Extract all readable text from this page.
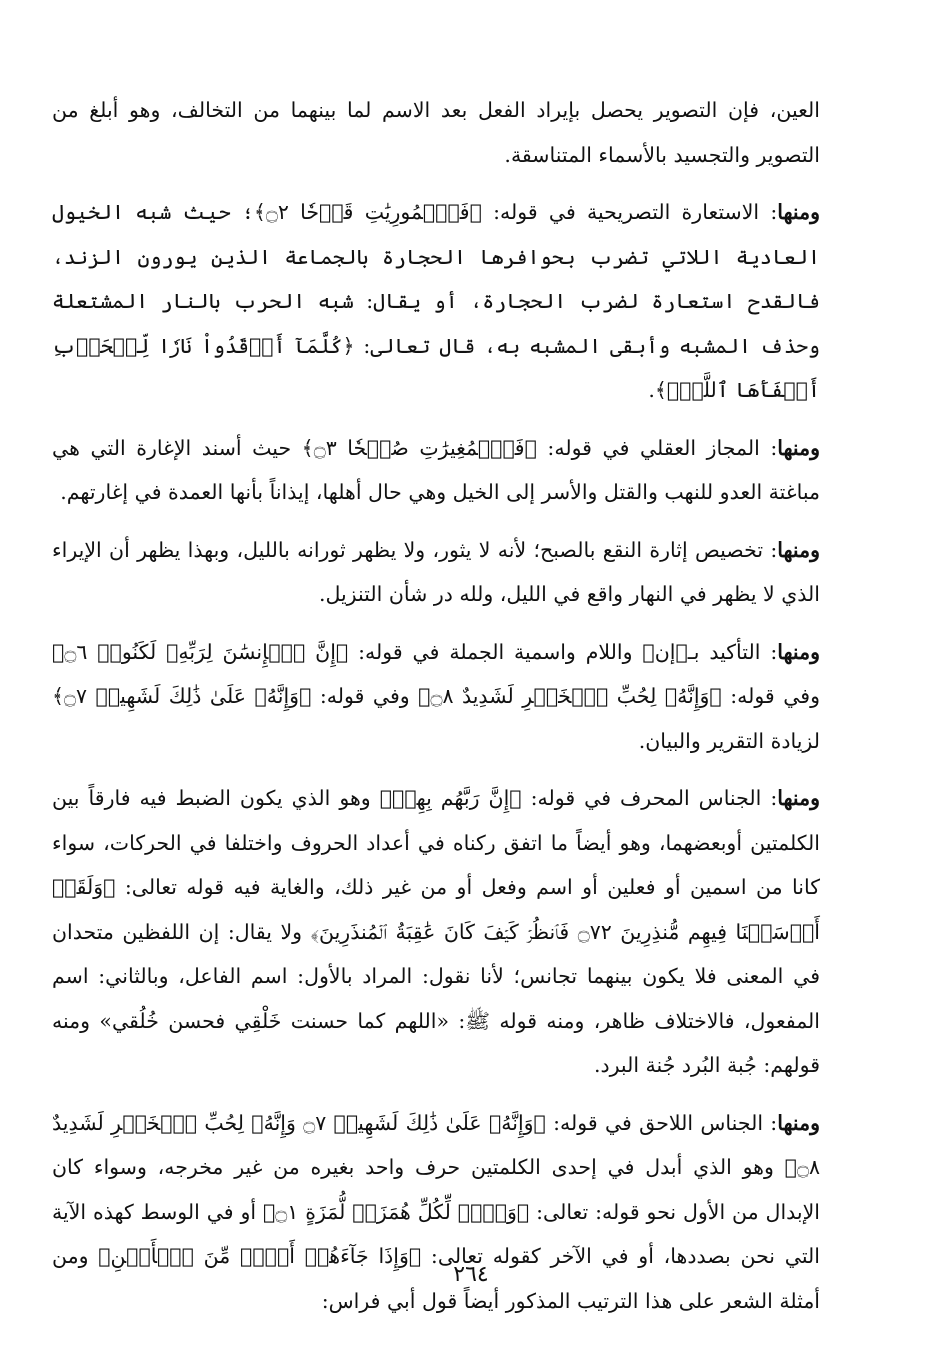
العين، فإن التصوير يحصل بإيراد الفعل بعد الاسم لما بينهما من التخالف، وهو أبلغ من التصوير والتجسيد بالأسماء المتناسقة.

ومنها: الاستعارة التصريحية في قوله: ﴿فَٱلۡمُورِيَٰتِ قَدۡحٗا ۝٢﴾؛ حيث شبه الخيول العادية اللاتي تضرب بحوافرها الحجارة بالجماعة الذين يورون الزند، فالقدح استعارة لضرب الحجارة، أو يقال: شبه الحرب بالنار المشتعلة وحذف المشبه وأبقى المشبه به، قال تعالى: ﴿كُلَّمَآ أَوۡقَدُواْ نَارٗا لِّلۡحَرۡبِ أَطۡفَأَهَا ٱللَّهُۚ﴾.

ومنها: المجاز العقلي في قوله: ﴿فَٱلۡمُغِيرَٰتِ صُبۡحٗا ۝٣﴾ حيث أسند الإغارة التي هي مباغتة العدو للنهب والقتل والأسر إلى الخيل وهي حال أهلها، إيذاناً بأنها العمدة في إغارتهم.

ومنها: تخصيص إثارة النقع بالصبح؛ لأنه لا يثور، ولا يظهر ثورانه بالليل، وبهذا يظهر أن الإيراء الذي لا يظهر في النهار واقع في الليل، ولله در شأن التنزيل.

ومنها: التأكيد بـ﴿إن﴾ واللام واسمية الجملة في قوله: ﴿إِنَّ ٱلۡإِنسَٰنَ لِرَبِّهِۦ لَكَنُودٞ ۝٦﴾ وفي قوله: ﴿وَإِنَّهُۥ لِحُبِّ ٱلۡخَيۡرِ لَشَدِيدٌ ۝٨﴾ وفي قوله: ﴿وَإِنَّهُۥ عَلَىٰ ذَٰلِكَ لَشَهِيدٞ ۝٧﴾ لزيادة التقرير والبيان.

ومنها: الجناس المحرف في قوله: ﴿إِنَّ رَبَّهُم بِهِمۡ﴾ وهو الذي يكون الضبط فيه فارقاً بين الكلمتين أوبعضهما، وهو أيضاً ما اتفق ركناه في أعداد الحروف واختلفا في الحركات، سواء كانا من اسمين أو فعلين أو اسم وفعل أو من غير ذلك، والغاية فيه قوله تعالى: ﴿وَلَقَدۡ أَرۡسَلۡنَا فِيهِم مُّنذِرِينَ ۝٧٢ فَٱنظُرۡ كَيۡفَ كَانَ عَٰقِبَةُ ٱلۡمُنذَرِينَ﴾ ولا يقال: إن اللفظين متحدان في المعنى فلا يكون بينهما تجانس؛ لأنا نقول: المراد بالأول: اسم الفاعل، وبالثاني: اسم المفعول، فالاختلاف ظاهر، ومنه قوله ﷺ: «اللهم كما حسنت خَلْقِي فحسن خُلُقي» ومنه قولهم: جُبة البُرد جُنة البرد.

ومنها: الجناس اللاحق في قوله: ﴿وَإِنَّهُۥ عَلَىٰ ذَٰلِكَ لَشَهِيدٞ ۝٧ وَإِنَّهُۥ لِحُبِّ ٱلۡخَيۡرِ لَشَدِيدٌ ۝٨﴾ وهو الذي أبدل في إحدى الكلمتين حرف واحد بغيره من غير مخرجه، وسواء كان الإبدال من الأول نحو قوله: تعالى: ﴿وَيۡلٞ لِّكُلِّ هُمَزَةٖ لُّمَزَةٍ ۝١﴾ أو في الوسط كهذه الآية التي نحن بصددها، أو في الآخر كقوله تعالى: ﴿وَإِذَا جَآءَهُمۡ أَمۡرٞ مِّنَ ٱلۡأَمۡنِ﴾ ومن أمثلة الشعر على هذا الترتيب المذكور أيضاً قول أبي فراس:

٢٦٤
